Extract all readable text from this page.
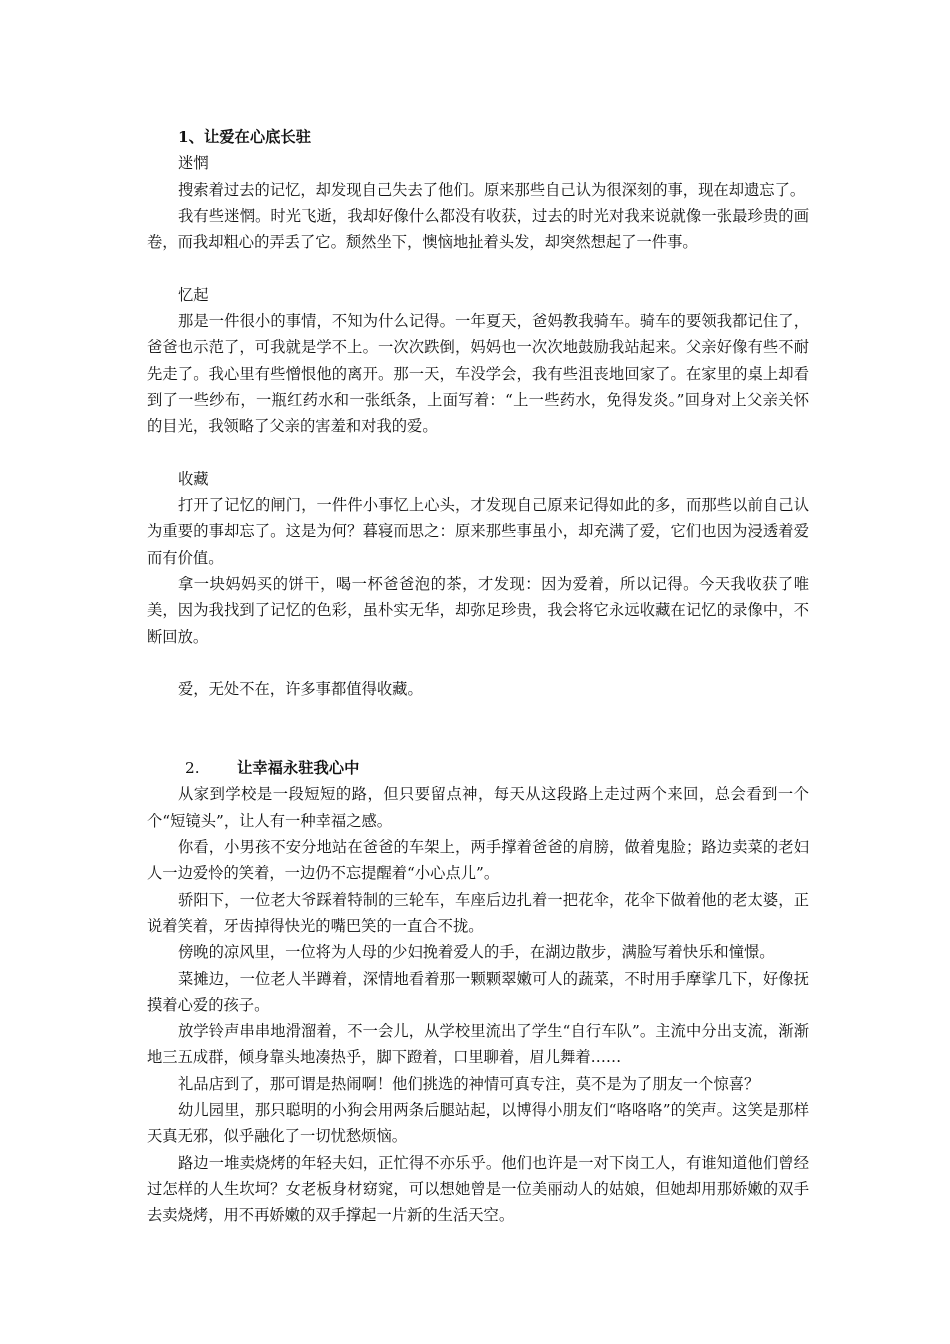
1、让爱在心底长驻

迷惘

搜索着过去的记忆，却发现自己失去了他们。原来那些自己认为很深刻的事，现在却遗忘了。

我有些迷惘。时光飞逝，我却好像什么都没有收获，过去的时光对我来说就像一张最珍贵的画卷，而我却粗心的弄丢了它。颓然坐下，懊恼地扯着头发，却突然想起了一件事。

忆起

那是一件很小的事情，不知为什么记得。一年夏天，爸妈教我骑车。骑车的要领我都记住了，爸爸也示范了，可我就是学不上。一次次跌倒，妈妈也一次次地鼓励我站起来。父亲好像有些不耐先走了。我心里有些憎恨他的离开。那一天，车没学会，我有些沮丧地回家了。在家里的桌上却看到了一些纱布，一瓶红药水和一张纸条，上面写着：“上一些药水，免得发炎。”回身对上父亲关怀的目光，我领略了父亲的害羞和对我的爱。

收藏

打开了记忆的闸门，一件件小事忆上心头，才发现自己原来记得如此的多，而那些以前自己认为重要的事却忘了。这是为何？暮寝而思之：原来那些事虽小，却充满了爱，它们也因为浸透着爱而有价值。

拿一块妈妈买的饼干，喝一杯爸爸泡的茶，才发现：因为爱着，所以记得。今天我收获了唯美，因为我找到了记忆的色彩，虽朴实无华，却弥足珍贵，我会将它永远收藏在记忆的录像中，不断回放。

爱，无处不在，许多事都值得收藏。

2. 让幸福永驻我心中

从家到学校是一段短短的路，但只要留点神，每天从这段路上走过两个来回，总会看到一个个“短镜头”，让人有一种幸福之感。

你看，小男孩不安分地站在爸爸的车架上，两手撑着爸爸的肩膀，做着鬼脸；路边卖菜的老妇人一边爱怜的笑着，一边仍不忘提醒着“小心点儿”。

骄阳下，一位老大爷踩着特制的三轮车，车座后边扎着一把花伞，花伞下做着他的老太婆，正说着笑着，牙齿掉得快光的嘴巴笑的一直合不拢。

傍晚的凉风里，一位将为人母的少妇挽着爱人的手，在湖边散步，满脸写着快乐和憧憬。

菜摊边，一位老人半蹲着，深情地看着那一颗颗翠嫩可人的蔬菜，不时用手摩挲几下，好像抚摸着心爱的孩子。

放学铃声串串地滑溜着，不一会儿，从学校里流出了学生“自行车队”。主流中分出支流，渐渐地三五成群，倾身靠头地凑热乎，脚下蹬着，口里聊着，眉儿舞着……

礼品店到了，那可谓是热闹啊！他们挑选的神情可真专注，莫不是为了朋友一个惊喜？

幼儿园里，那只聪明的小狗会用两条后腿站起，以博得小朋友们“咯咯咯”的笑声。这笑是那样天真无邪，似乎融化了一切忧愁烦恼。

路边一堆卖烧烤的年轻夫妇，正忙得不亦乐乎。他们也许是一对下岗工人，有谁知道他们曾经过怎样的人生坎坷？女老板身材窈窕，可以想她曾是一位美丽动人的姑娘，但她却用那娇嫩的双手去卖烧烤，用不再娇嫩的双手撑起一片新的生活天空。
